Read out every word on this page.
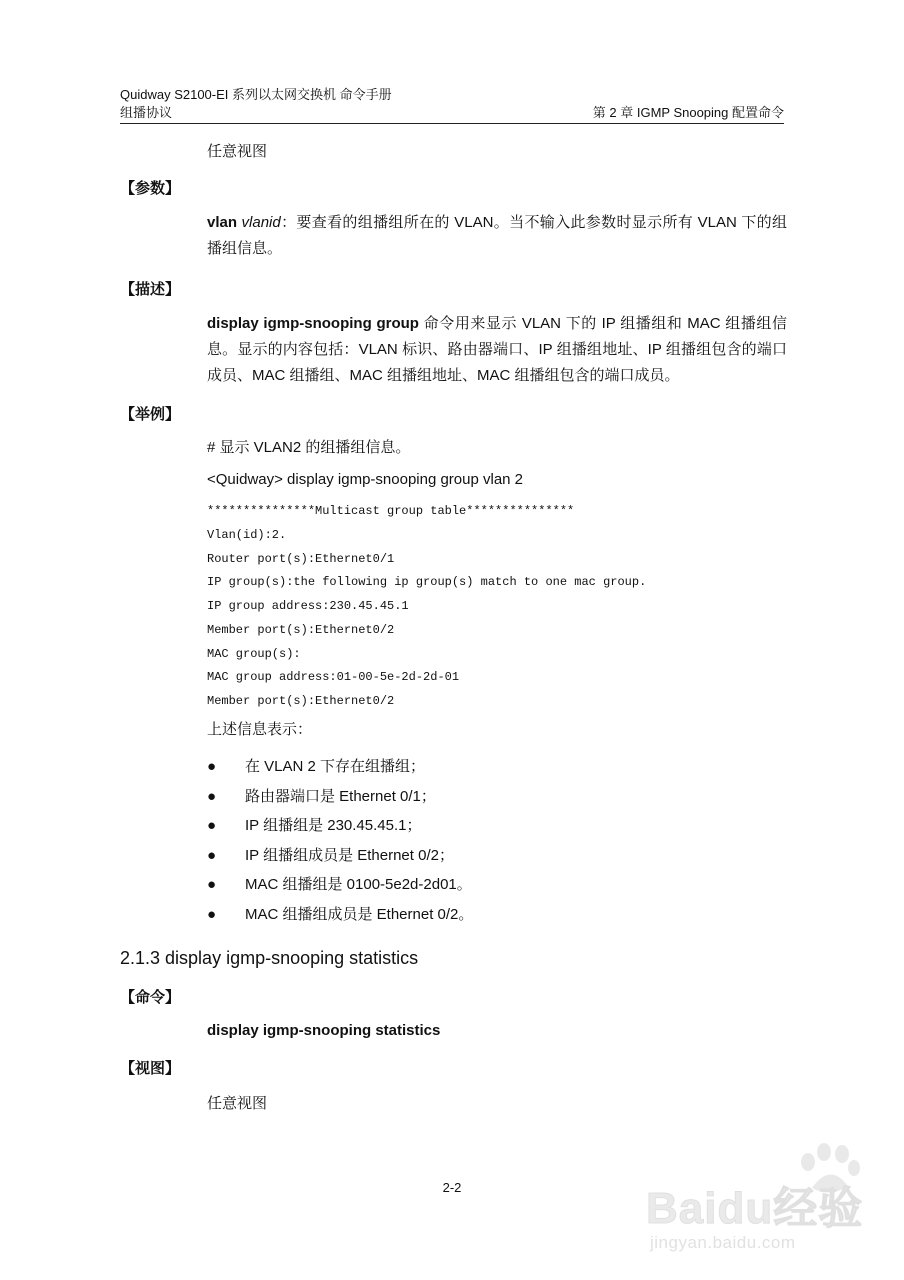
Quidway S2100-EI 系列以太网交换机 命令手册
组播协议	第 2 章 IGMP Snooping 配置命令
任意视图
【参数】
vlan vlanid：要查看的组播组所在的 VLAN。当不输入此参数时显示所有 VLAN 下的组播组信息。
【描述】
display igmp-snooping group 命令用来显示 VLAN 下的 IP 组播组和 MAC 组播组信息。显示的内容包括：VLAN 标识、路由器端口、IP 组播组地址、IP 组播组包含的端口成员、MAC 组播组、MAC 组播组地址、MAC 组播组包含的端口成员。
【举例】
# 显示 VLAN2 的组播组信息。
<Quidway> display igmp-snooping group vlan 2
***************Multicast group table***************
Vlan(id):2.
Router port(s):Ethernet0/1
IP group(s):the following ip group(s) match to one mac group.
IP group address:230.45.45.1
Member port(s):Ethernet0/2
MAC group(s):
MAC group address:01-00-5e-2d-2d-01
Member port(s):Ethernet0/2
上述信息表示：
●	在 VLAN 2 下存在组播组；
●	路由器端口是 Ethernet 0/1；
●	IP 组播组是 230.45.45.1；
●	IP 组播组成员是 Ethernet 0/2；
●	MAC 组播组是 0100-5e2d-2d01。
●	MAC 组播组成员是 Ethernet 0/2。
2.1.3 display igmp-snooping statistics
【命令】
display igmp-snooping statistics
【视图】
任意视图
2-2	Baidu经验
jingyan.baidu.com
